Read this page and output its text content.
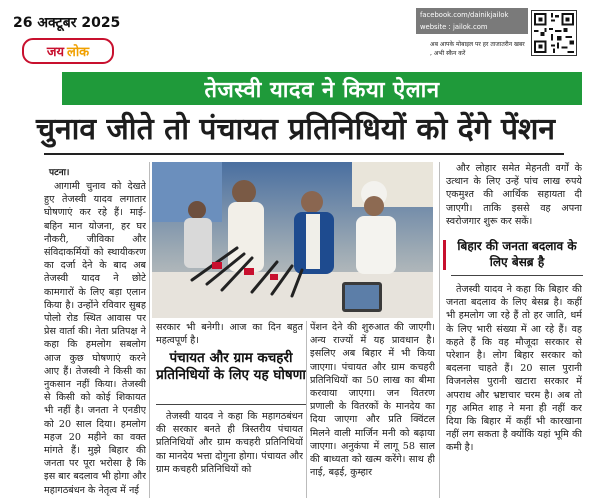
26 अक्टूबर 2025
जय लोक
facebook.com/dainikjailok
website : jailok.com
अब आपके मोबाइल पर हर ताजातरीन खबर , अभी स्कैन करें
तेजस्वी यादव ने किया ऐलान
चुनाव जीते तो पंचायत प्रतिनिधियों को देंगे पेंशन
पटना।

आगामी चुनाव को देखते हुए तेजस्वी यादव लगातार घोषणाएं कर रहे हैं। माई-बहिन मान योजना, हर घर नौकरी, जीविका और संविदाकर्मियों को स्थायीकरण का दर्जा देने के बाद अब तेजस्वी यादव ने छोटे कामगारों के लिए बड़ा एलान किया है। उन्होंने रविवार सुबह पोलो रोड स्थित आवास पर प्रेस वार्ता की। नेता प्रतिपक्ष ने कहा कि हमलोग सबलोग आज कुछ घोषणाएं करने आए हैं। तेजस्वी ने किसी का नुकसान नहीं किया। तेजस्वी से किसी को कोई शिकायत भी नहीं है। जनता ने एनडीए को 20 साल दिया। हमलोग महज 20 महीने का वक्त मांगते हैं। मुझे बिहार की जनता पर पूरा भरोसा है कि इस बार बदलाव भी होगा और महागठबंधन के नेतृत्व में नई

सरकार भी बनेगी। आज का दिन बहुत महत्वपूर्ण है।

पंचायत और ग्राम कचहरी प्रतिनिधियों के लिए यह घोषणा

तेजस्वी यादव ने कहा कि महागठबंधन की सरकार बनते ही त्रिस्तरीय पंचायत प्रतिनिधियों और ग्राम कचहरी प्रतिनिधियों का मानदेय भत्ता दोगुना होगा। पंचायत और ग्राम कचहरी प्रतिनिधियों को

पेंशन देने की शुरुआत की जाएगी। अन्य राज्यों में यह प्रावधान है। इसलिए अब बिहार में भी किया जाएगा। पंचायत और ग्राम कचहरी प्रतिनिधियों का 50 लाख का बीमा करवाया जाएगा। जन वितरण प्रणाली के वितरकों के मानदेय का दिया जाएगा और प्रति क्विंटल मिलने वाली मार्जिन मनी को बढ़ाया जाएगा। अनुकंपा में लागू 58 साल की बाध्यता को खत्म करेंगे। साथ ही नाई, बढ़ई, कुम्हार

और लोहार समेत मेहनती वर्गों के उत्थान के लिए उन्हें पांच लाख रुपये एकमुश्त की आर्थिक सहायता दी जाएगी। ताकि इससे वह अपना स्वरोजगार शुरू कर सकें।

बिहार की जनता बदलाव के लिए बेसब्र है

तेजस्वी यादव ने कहा कि बिहार की जनता बदलाव के लिए बेसब्र है। कहीं भी हमलोग जा रहे हैं तो हर जाति, धर्म के लिए भारी संख्या में आ रहे हैं। वह कहते हैं कि वह मौजूदा सरकार से परेशान है। लोग बिहार सरकार को बदलना चाहते हैं। 20 साल पुरानी विजनलेस पुरानी खटारा सरकार में अपराध और भ्रष्टाचार चरम है। अब तो गृह अमित शाह ने मना ही नहीं कर दिया कि बिहार में कहीं भी कारखाना नहीं लग सकता है क्योंकि यहां भूमि की कमी है।
